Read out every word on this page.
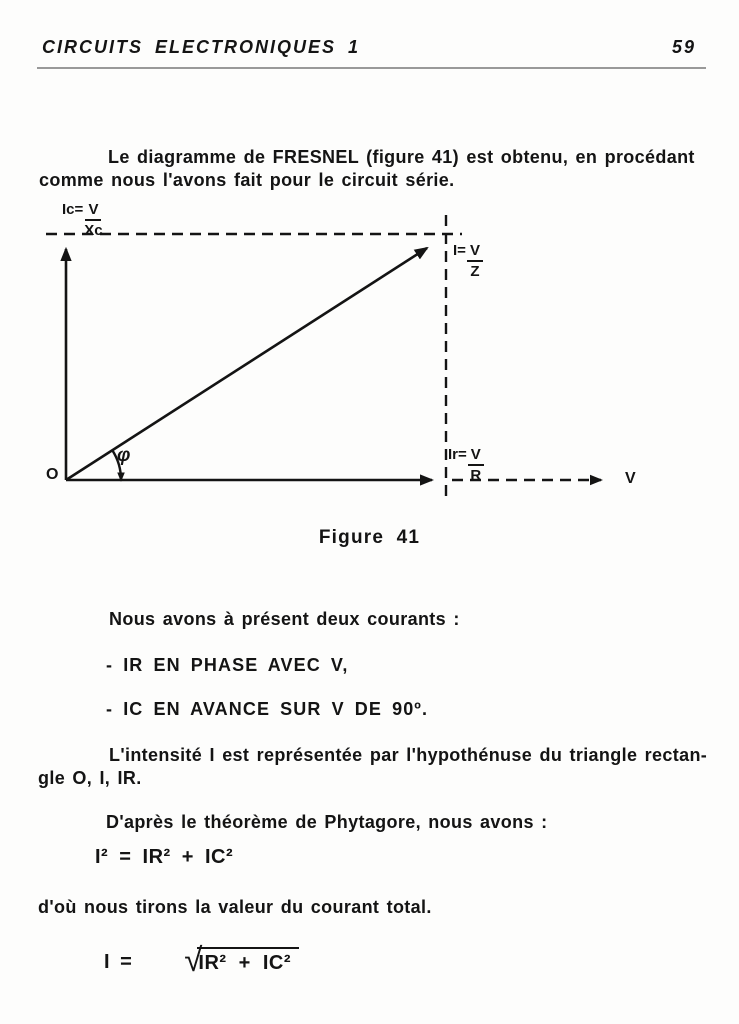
CIRCUITS ELECTRONIQUES 1	59
Le diagramme de FRESNEL (figure 41) est obtenu, en procédant
comme nous l'avons fait pour le circuit série.
$Ic= \frac{V}{Xc}$
$I= \frac{V}{Z}$
$Ir= \frac{V}{R}$
O
φ
V
Figure 41
Nous avons à présent deux courants :
- IR EN PHASE AVEC V,
- IC EN AVANCE SUR V DE 90º.
L'intensité I est représentée par l'hypothénuse du triangle rectan-
gle O, I, IR.
D'après le théorème de Phytagore, nous avons :
I² = IR² + IC²
d'où nous tirons la valeur du courant total.
I = √
IR² + IC²
